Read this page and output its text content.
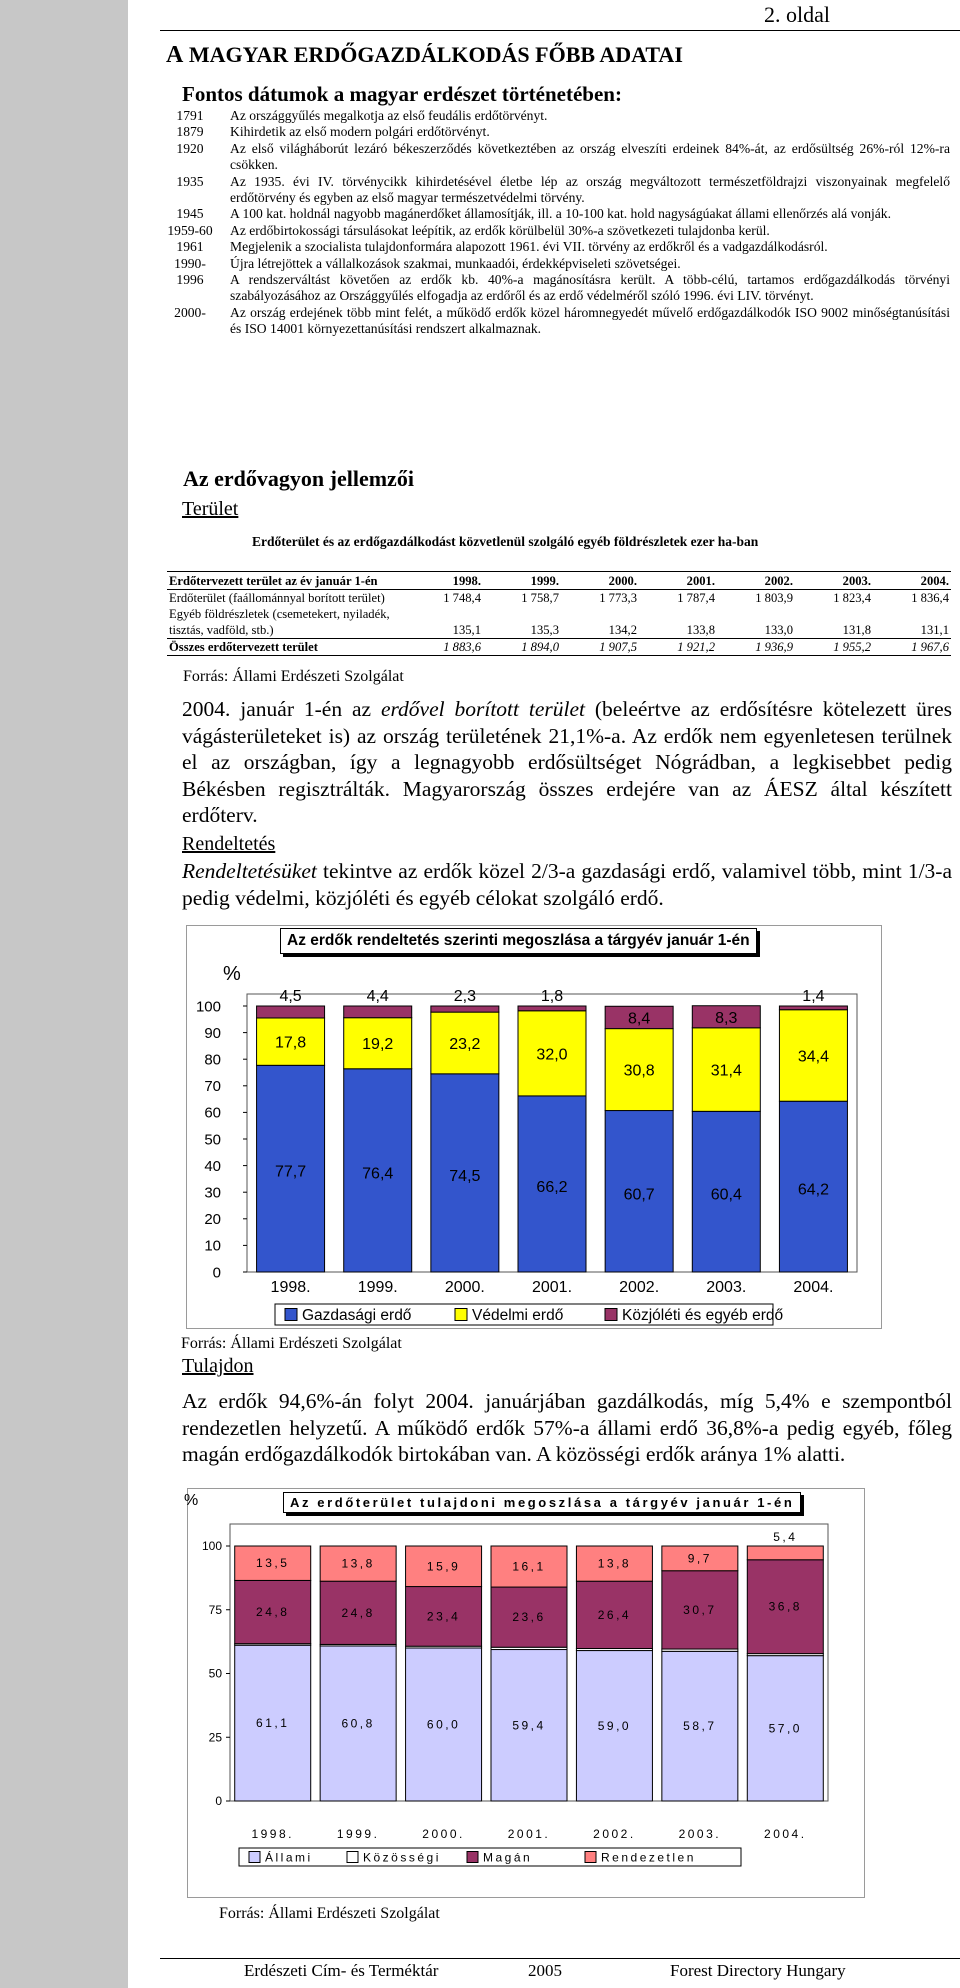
2. oldal
A MAGYAR ERDŐGAZDÁLKODÁS FŐBB ADATAI
Fontos dátumok a magyar erdészet történetében:
1791	Az országgyűlés megalkotja az első feudális erdőtörvényt.
1879	Kihirdetik az első modern polgári erdőtörvényt.
1920	Az első világháborút lezáró békeszerződés következtében az ország elveszíti erdeinek 84%-át, az erdősültség 26%-ról 12%-ra csökken.
1935	Az 1935. évi IV. törvénycikk kihirdetésével életbe lép az ország megváltozott természetföldrajzi viszonyainak megfelelő erdőtörvény és egyben az első magyar természetvédelmi törvény.
1945	A 100 kat. holdnál nagyobb magánerdőket államosítják, ill. a 10-100 kat. hold nagyságúakat állami ellenőrzés alá vonják.
1959-60	Az erdőbirtokossági társulásokat leépítik, az erdők körülbelül 30%-a szövetkezeti tulajdonba kerül.
1961	Megjelenik a szocialista tulajdonformára alapozott 1961. évi VII. törvény az erdőkről és a vadgazdálkodásról.
1990-	Újra létrejöttek a vállalkozások szakmai, munkaadói, érdekképviseleti szövetségei.
1996	A rendszerváltást követően az erdők kb. 40%-a magánosításra került. A több-célú, tartamos erdőgazdálkodás törvényi szabályozásához az Országgyűlés elfogadja az erdőről és az erdő védelméről szóló 1996. évi LIV. törvényt.
2000-	Az ország erdejének több mint felét, a működő erdők közel háromnegyedét művelő erdőgazdálkodók ISO 9002 minőségtanúsítási és ISO 14001 környezettanúsítási rendszert alkalmaznak.
Az erdővagyon jellemzői
Terület
Erdőterület és az erdőgazdálkodást közvetlenül szolgáló egyéb földrészletek ezer ha-ban
Erdőtervezett terület az év január 1-én	1998.	1999.	2000.	2001.	2002.	2003.	2004.
Erdőterület (faállománnyal borított terület)	1 748,4	1 758,7	1 773,3	1 787,4	1 803,9	1 823,4	1 836,4
Egyéb földrészletek (csemetekert, nyiladék,							
tisztás, vadföld, stb.)	135,1	135,3	134,2	133,8	133,0	131,8	131,1
Összes erdőtervezett terület	1 883,6	1 894,0	1 907,5	1 921,2	1 936,9	1 955,2	1 967,6
Forrás: Állami Erdészeti Szolgálat
2004. január 1-én az erdővel borított terület (beleértve az erdősítésre kötelezett üres vágásterületeket is) az ország területének 21,1%-a. Az erdők nem egyenletesen terülnek el az országban, így a legnagyobb erdősültséget Nógrádban, a legkisebbet pedig Békésben regisztrálták. Magyarország összes erdejére van az ÁESZ által készített erdőterv.
Rendeltetés
Rendeltetésüket tekintve az erdők közel 2/3-a gazdasági erdő, valamivel több, mint 1/3-a pedig védelmi, közjóléti és egyéb célokat szolgáló erdő.
0
10
20
30
40
50
60
70
80
90
100
%
1998.	1999.	2000.	2001.	2002.	2003.	2004.
77,7
17,8
4,5
76,4
19,2
4,4
74,5
23,2
2,3
66,2
32,0
1,8
60,7
30,8
8,4
60,4
31,4
8,3
64,2
34,4
1,4
Gazdasági erdő	Védelmi erdő	Közjóléti és egyéb erdő
Az erdők rendeltetés szerinti megoszlása a tárgyév január 1-én
Forrás: Állami Erdészeti Szolgálat
Tulajdon
Az erdők 94,6%-án folyt 2004. januárjában gazdálkodás, míg 5,4% e szempontból rendezetlen helyzetű. A működő erdők 57%-a állami erdő 36,8%-a pedig egyéb, főleg magán erdőgazdálkodók birtokában van. A közösségi erdők aránya 1% alatti.
0
25
50
75
100
1998.	1999.	2000.	2001.	2002.	2003.	2004.
61,1
24,8
13,5
60,8
24,8
13,8
60,0
23,4
15,9
59,4
23,6
16,1
59,0
26,4
13,8
58,7
30,7
9,7
57,0
36,8
5,4
Állami	Közösségi	Magán	Rendezetlen
%	Az erdőterület tulajdoni megoszlása a tárgyév január 1-én
Forrás: Állami Erdészeti Szolgálat
Erdészeti Cím- és Terméktár	2005	Forest Directory Hungary
